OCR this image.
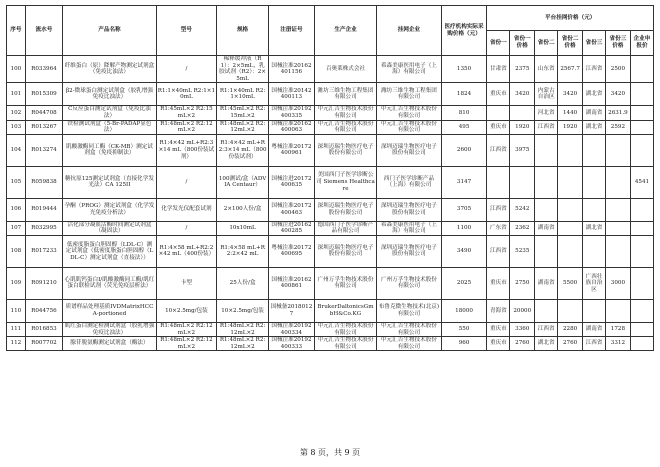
序号	流水号	产品名称	型号	规格	注册证号	生产企业	挂网企业	医疗机构实际采购价格（元）	平台挂网价格（元）						
									省份一	省份一价格	省份二	省份二价格	省份三	省份三价格	企业申报价
100	R033964	纤维蛋白（原）降解产物测定试剂盒（免疫比浊法）	/	稀释缓冲液（R1）：2×5mL，乳胶试剂（R2）：2×5mL	国械注准20162401156	百奥莱株式会社	希森美康医用电子（上海）有限公司	1350	甘肃省	2375	山东省	2567.7	江西省	2500	
101	R015309	β2-微球蛋白测定试剂盒（胶乳增强免疫比浊法）	R1:1×40mL R2:1×10mL	R1:1×40mL R2:1×10mL	国械注准20142400113	潍坊三维生物工程集团有限公司	潍坊三维生物工程集团有限公司	1824	重庆市	3420	内蒙古自治区	3420	湖北省	3420	
102	R044708	C反应蛋白测定试剂盒（免疫比浊法）	R1:45mL×2 R2:15mL×2	R1:45mL×2 R2:15mL×2	国械注准20192400335	中元汇吉生物技术股份有限公司	中元汇吉生物技术股份有限公司	810			河北省	1440	湖南省	2631.9	
103	R013267	铁检测试剂盒（5-Br-PADAP显色法）	R1:48mL×2 R2:12mL×2	R1:48mL×2 R2:12mL×2	国械注准20162400063	中元汇吉生物技术股份有限公司	中元汇吉生物技术股份有限公司	495	重庆市	1920	江西省	1920	湖北省	2592	
104	R013274	肌酸激酶同工酶（CK-MB）测定试剂盒（免疫抑制法）	R1:4×42 mL+R2:3×14 mL（800份装试剂）	R1:4×42 mL+R2:3×14 mL（800份装试剂）	粤械注准20172400961	深圳迈瑞生物医疗电子股份有限公司	深圳迈瑞生物医疗电子股份有限公司	2600	江西省	3975					
105	R059838	糖抗原125测定试剂盒（直接化学发光法）CA 125II	/	100测试/盒（ADVIA Centaur）	国械注进20172400635	美国西门子医学诊断公司 Siemens Healthcare	西门子医学诊断产品（上海）有限公司	3147							4541
106	R019444	孕酮（PROG）测定试剂盒（化学发光免疫分析法）	化学发光仪配套试剂	2×100人份/盒	国械注准20172400463	深圳迈瑞生物医疗电子股份有限公司	深圳迈瑞生物医疗电子股份有限公司	3705	江西省	5242					
107	R032995	活化部分凝血活酶时间测定试剂盒（凝固法）	/	10x10mL	国械注进20162400285	德国西门子医学诊断产品有限公司	希森美康医用电子（上海）有限公司	1100	广东省	2362	湖南省		湖北省		
108	R017233	低密度脂蛋白胆固醇（LDL-C）测定试剂盒（低密度脂蛋白胆固醇（LDL-C）测定试剂盒（直接法））	R1:4×58 mL+R2:2×42 mL（400份装）	R1:4×58 mL+R2:2×42 mL	粤械注准20172400695	深圳迈瑞生物医疗电子股份有限公司	深圳迈瑞生物医疗电子股份有限公司	3490	江西省	5235					
109	R091210	心肌肌钙蛋白I/肌酸激酶同工酶/肌红蛋白联检试剂（荧光免疫层析法）	卡型	25人份/盒	国械注准20162400861	广州万孚生物技术股份有限公司	广州万孚生物技术股份有限公司	2025	重庆市	2750	湖南省	5500	广西壮族自治区	3000	
110	R044756	质谱样品处理基质IVDMatrixHCCA-portioned	10×2.5mg/包装	10×2.5mg/包装	国械备20180127	BrukerDaltonicsGmbH&Co.KG	布鲁克微生物技术(北京)有限公司	18000	青海省	20000					
111	R016853	肌红蛋白测定检测试剂盒（胶乳增强免疫比浊法）	R1:48mL×2 R2:12mL×2	R1:48mL×2 R2:12mL×2	国械注准20192400334	中元汇吉生物技术股份有限公司	中元汇吉生物技术股份有限公司	550	重庆市	3360	江西省	2280	湖南省	1728	
112	R007702	腺苷脱氨酶测定试剂盒（酶法）	R1:48mL×2 R2:12mL×2	R1:48mL×2 R2:12mL×2	国械注准20192400333	中元汇吉生物技术股份有限公司	中元汇吉生物技术股份有限公司	960	重庆市	2760	湖北省	2760	江西省	3312	
第 8 页，共 9 页
